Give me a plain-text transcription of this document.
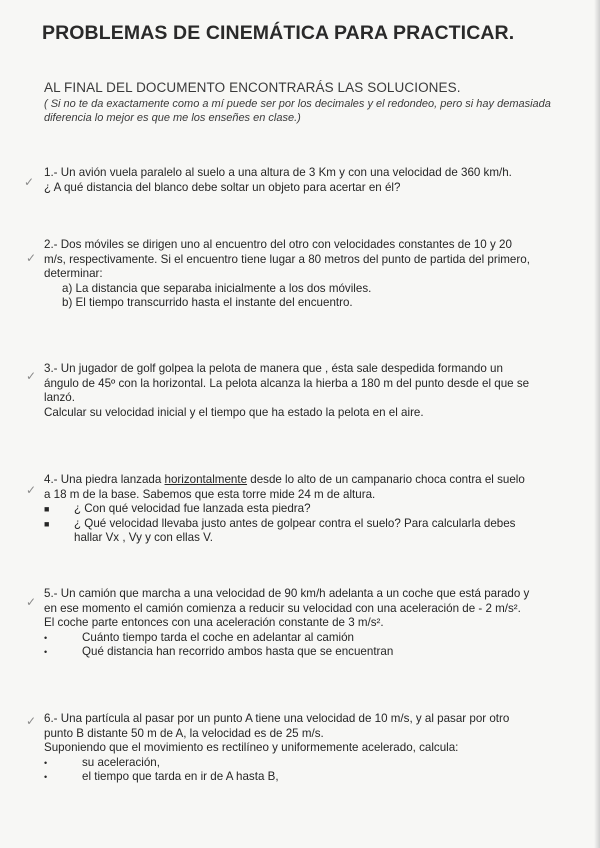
PROBLEMAS DE CINEMÁTICA PARA PRACTICAR.
AL FINAL DEL DOCUMENTO ENCONTRARÁS LAS SOLUCIONES.
( Si no te da exactamente como a mí puede ser por los decimales y el redondeo, pero si hay demasiada diferencia lo mejor es que me los enseñes en clase.)
✓

1.- Un avión vuela paralelo al suelo a una altura de 3 Km y con una velocidad de 360 km/h.

¿ A qué distancia del blanco debe soltar un objeto para acertar en él?

✓

2.- Dos móviles se dirigen uno al encuentro del otro con velocidades constantes de 10 y 20

m/s, respectivamente. Si el encuentro tiene lugar a 80 metros del punto de partida del primero,

determinar:

a) La distancia que separaba inicialmente a los dos móviles.

b) El tiempo transcurrido hasta el instante del encuentro.

✓

3.- Un jugador de golf golpea la pelota de manera que , ésta sale despedida formando un

ángulo de 45º con la horizontal. La pelota alcanza la hierba a 180 m del punto desde el que se

lanzó.

Calcular su velocidad inicial y el tiempo que ha estado la pelota en el aire.

✓

4.- Una piedra lanzada horizontalmente desde lo alto de un campanario choca contra el suelo

a 18 m de la base. Sabemos que esta torre mide 24 m de altura.

■	¿ Con qué velocidad fue lanzada esta piedra?

■	¿ Qué velocidad llevaba justo antes de golpear contra el suelo? Para calcularla debes
hallar Vx , Vy y con ellas V.

✓

5.- Un camión que marcha a una velocidad de 90 km/h adelanta a un coche que está parado y

en ese momento el camión comienza a reducir su velocidad con una aceleración de - 2 m/s².

El coche parte entonces con una aceleración constante de 3 m/s².

•	Cuánto tiempo tarda el coche en adelantar al camión

•	Qué distancia han recorrido ambos hasta que se encuentran

✓ 6.- Una partícula al pasar por un punto A tiene una velocidad de 10 m/s, y al pasar por otro

punto B distante 50 m de A, la velocidad es de 25 m/s.

Suponiendo que el movimiento es rectilíneo y uniformemente acelerado, calcula:

•	su aceleración,

•	el tiempo que tarda en ir de A hasta B,
